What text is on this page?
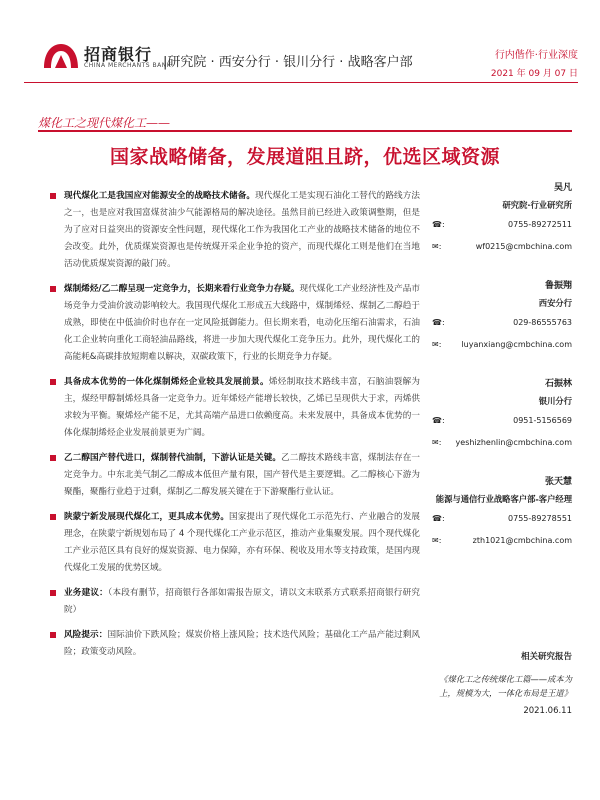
招商银行
CHINA MERCHANTS BANK
|研究院 · 西安分行 · 银川分行 · 战略客户部	行内偕作·行业深度
2021 年 09 月 07 日
煤化工之现代煤化工——
国家战略储备，发展道阻且跻，优选区域资源
现代煤化工是我国应对能源安全的战略技术储备。现代煤化工是实现石油化工替代的路线方法之一，也是应对我国富煤贫油少气能源格局的解决途径。虽然目前已经进入政策调整期，但是为了应对日益突出的资源安全性问题，现代煤化工作为我国化工产业的战略技术储备的地位不会改变。此外，优质煤炭资源也是传统煤开采企业争抢的资产，而现代煤化工则是他们在当地活动优质煤炭资源的敲门砖。
煤制烯烃/乙二醇呈现一定竞争力，长期来看行业竞争力存疑。现代煤化工产业经济性及产品市场竞争力受油价波动影响较大。我国现代煤化工形成五大线路中，煤制烯烃、煤制乙二醇趋于成熟，即使在中低油价时也存在一定风险抵御能力。但长期来看，电动化压缩石油需求，石油化工企业转向重化工商轻油品路线，将进一步加大现代煤化工竞争压力。此外，现代煤化工的高能耗&高碳排放短期难以解决，双碳政策下，行业的长期竞争力存疑。
具备成本优势的一体化煤制烯烃企业较具发展前景。烯烃制取技术路线丰富，石脑油裂解为主，煤经甲醇制烯烃具备一定竞争力。近年烯烃产能增长较快，乙烯已呈现供大于求，丙烯供求较为平衡。聚烯烃产能不足，尤其高端产品进口依赖度高。未来发展中，具备成本优势的一体化煤制烯烃企业发展前景更为广阔。
乙二醇国产替代进口，煤制替代油制，下游认证是关键。乙二醇技术路线丰富，煤制法存在一定竞争力。中东北美气制乙二醇成本低但产量有限，国产替代是主要逻辑。乙二醇核心下游为聚酯，聚酯行业趋于过剩，煤制乙二醇发展关键在于下游聚酯行业认证。
陕蒙宁新发展现代煤化工，更具成本优势。国家提出了现代煤化工示范先行、产业融合的发展理念，在陕蒙宁新规划布局了 4 个现代煤化工产业示范区，推动产业集聚发展。四个现代煤化工产业示范区具有良好的煤炭资源、电力保障，亦有环保、税收及用水等支持政策，是国内现代煤化工发展的优势区域。
业务建议：（本段有删节，招商银行各部如需报告原文，请以文末联系方式联系招商银行研究院）
风险提示：国际油价下跌风险；煤炭价格上涨风险；技术迭代风险；基础化工产品产能过剩风险；政策变动风险。
吴凡
研究院·行业研究所
☎:	0755-89272511
✉:	wf0215@cmbchina.com
鲁振翔
西安分行
☎:	029-86555763
✉:	luyanxiang@cmbchina.com
石振林
银川分行
☎:	0951-5156569
✉: yeshizhenlin@cmbchina.com
张天慧
能源与通信行业战略客户部-客户经理
☎:	0755-89278551
✉:	zth1021@cmbchina.com
相关研究报告
《煤化工之传统煤化工篇——成本为上，规模为大，一体化布局是王道》
2021.06.11
